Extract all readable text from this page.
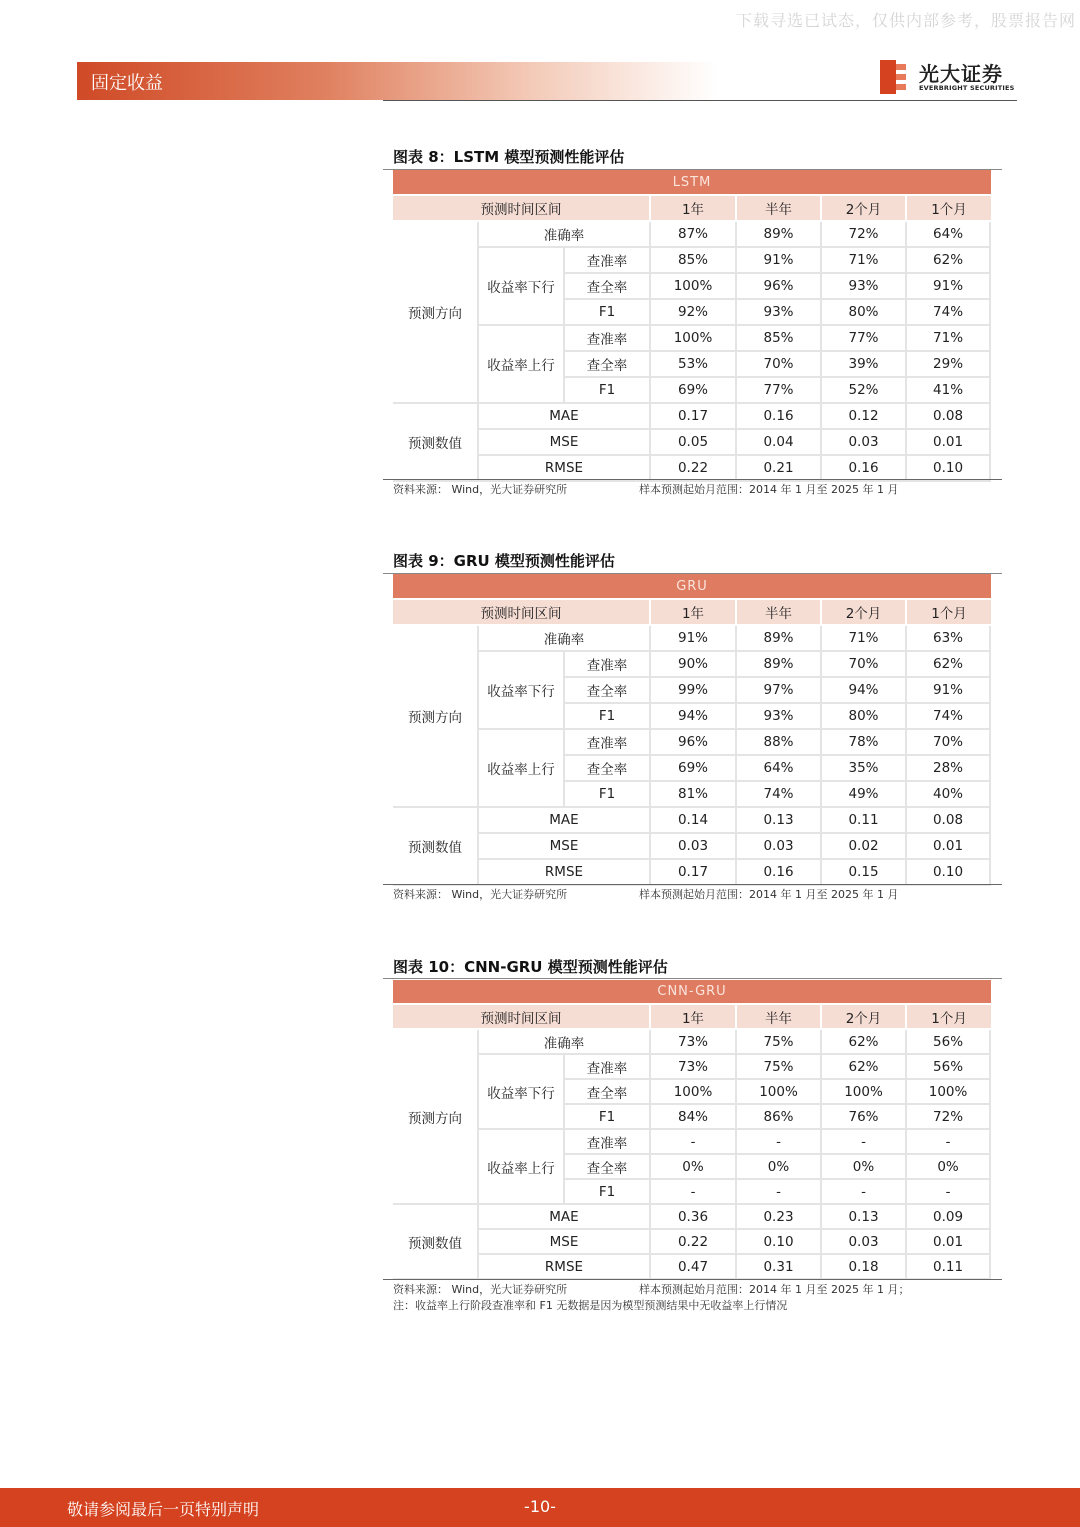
下载寻选已试态，仅供内部参考，股票报告网
固定收益	光大证券
EVERBRIGHT SECURITIES
图表 8：LSTM 模型预测性能评估
LSTM						
预测时间区间			1年	半年	2个月	1个月
预测方向	准确率		87%	89%	72%	64%
	收益率下行	查准率	85%	91%	71%	62%
		查全率	100%	96%	93%	91%
		F1	92%	93%	80%	74%
	收益率上行	查准率	100%	85%	77%	71%
		查全率	53%	70%	39%	29%
		F1	69%	77%	52%	41%
预测数值	MAE		0.17	0.16	0.12	0.08
	MSE		0.05	0.04	0.03	0.01
	RMSE		0.22	0.21	0.16	0.10
资料来源： Wind，光大证券研究所	样本预测起始月范围：2014 年 1 月至 2025 年 1 月
图表 9：GRU 模型预测性能评估
GRU						
预测时间区间			1年	半年	2个月	1个月
预测方向	准确率		91%	89%	71%	63%
	收益率下行	查准率	90%	89%	70%	62%
		查全率	99%	97%	94%	91%
		F1	94%	93%	80%	74%
	收益率上行	查准率	96%	88%	78%	70%
		查全率	69%	64%	35%	28%
		F1	81%	74%	49%	40%
预测数值	MAE		0.14	0.13	0.11	0.08
	MSE		0.03	0.03	0.02	0.01
	RMSE		0.17	0.16	0.15	0.10
资料来源： Wind，光大证券研究所	样本预测起始月范围：2014 年 1 月至 2025 年 1 月
图表 10：CNN-GRU 模型预测性能评估
CNN-GRU						
预测时间区间			1年	半年	2个月	1个月
预测方向	准确率		73%	75%	62%	56%
	收益率下行	查准率	73%	75%	62%	56%
		查全率	100%	100%	100%	100%
		F1	84%	86%	76%	72%
	收益率上行	查准率	-	-	-	-
		查全率	0%	0%	0%	0%
		F1	-	-	-	-
预测数值	MAE		0.36	0.23	0.13	0.09
	MSE		0.22	0.10	0.03	0.01
	RMSE		0.47	0.31	0.18	0.11
资料来源： Wind，光大证券研究所	样本预测起始月范围：2014 年 1 月至 2025 年 1 月；
注：收益率上行阶段查准率和 F1 无数据是因为模型预测结果中无收益率上行情况
敬请参阅最后一页特别声明	-10-
